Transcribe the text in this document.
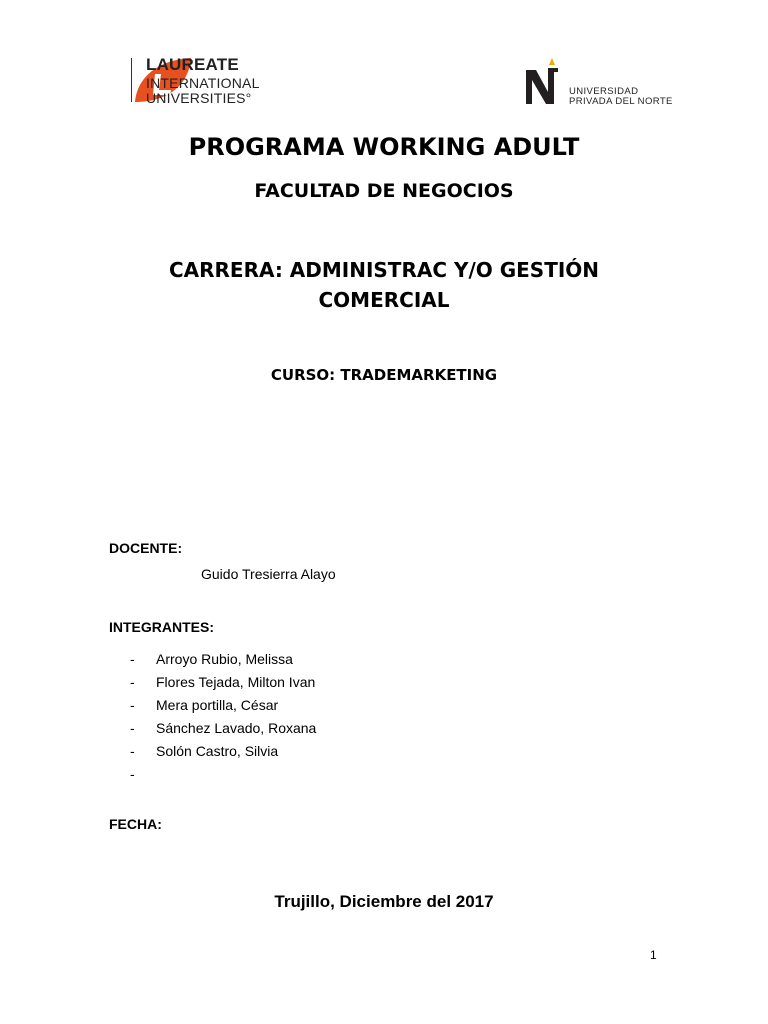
LAUREATE
INTERNATIONAL
UNIVERSITIES°	UNIVERSIDAD
PRIVADA DEL NORTE
PROGRAMA WORKING ADULT
FACULTAD DE NEGOCIOS
CARRERA: ADMINISTRAC Y/O GESTIÓN
COMERCIAL
CURSO: TRADEMARKETING
DOCENTE:
Guido Tresierra Alayo
INTEGRANTES:
-	Arroyo Rubio, Melissa
-	Flores Tejada, Milton Ivan
-	Mera portilla, César
-	Sánchez Lavado, Roxana
-	Solón Castro, Silvia
-
FECHA:
Trujillo, Diciembre del 2017
1
